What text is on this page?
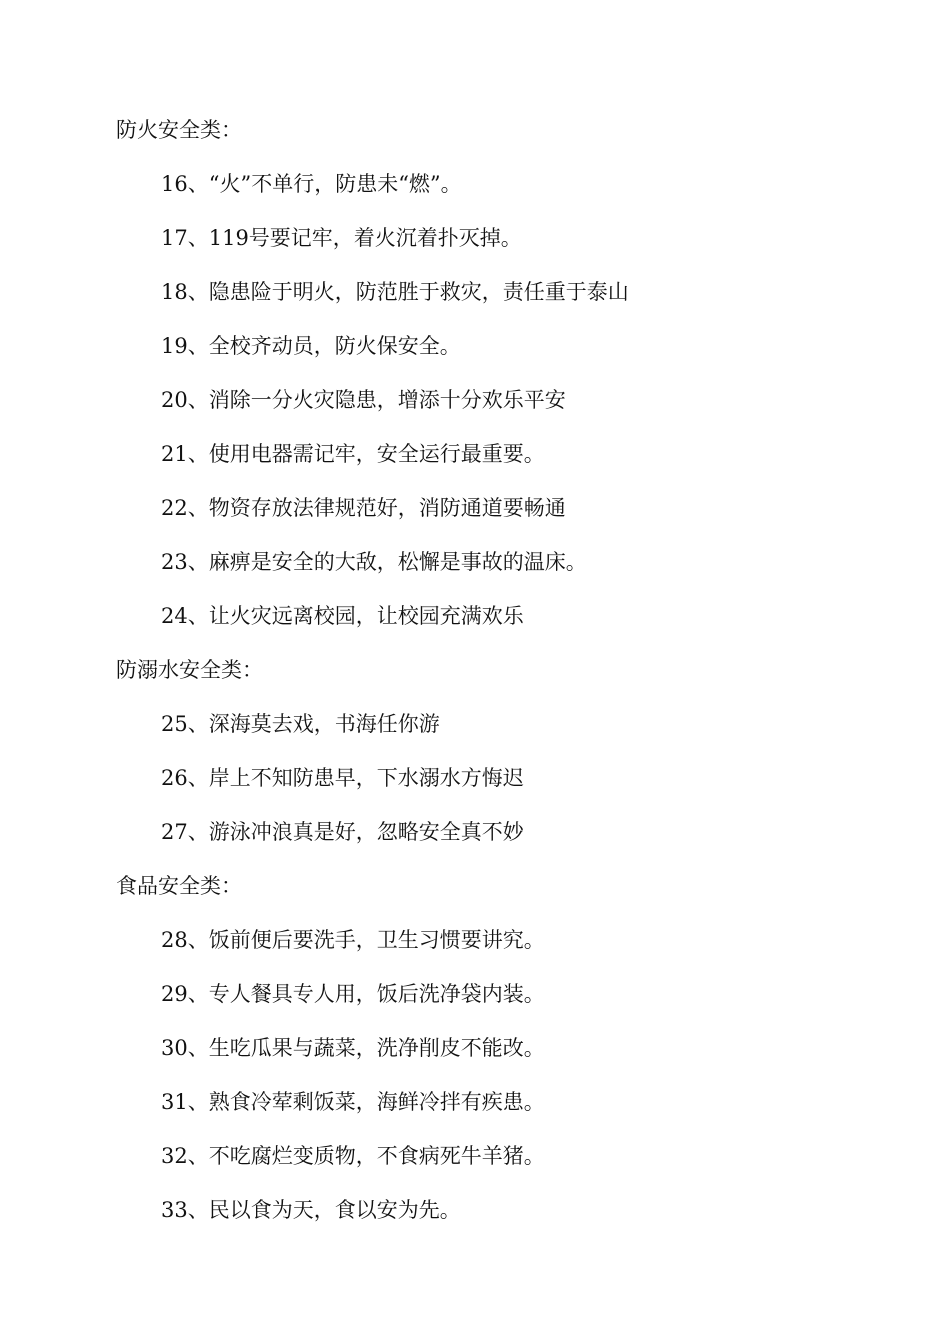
防火安全类：
16、“火”不单行，防患未“燃”。
17、119号要记牢，着火沉着扑灭掉。
18、隐患险于明火，防范胜于救灾，责任重于泰山
19、全校齐动员，防火保安全。
20、消除一分火灾隐患，增添十分欢乐平安
21、使用电器需记牢，安全运行最重要。
22、物资存放法律规范好，消防通道要畅通
23、麻痹是安全的大敌，松懈是事故的温床。
24、让火灾远离校园，让校园充满欢乐
防溺水安全类：
25、深海莫去戏，书海任你游
26、岸上不知防患早，下水溺水方悔迟
27、游泳冲浪真是好，忽略安全真不妙
食品安全类：
28、饭前便后要洗手，卫生习惯要讲究。
29、专人餐具专人用，饭后洗净袋内装。
30、生吃瓜果与蔬菜，洗净削皮不能改。
31、熟食冷荤剩饭菜，海鲜冷拌有疾患。
32、不吃腐烂变质物，不食病死牛羊猪。
33、民以食为天，食以安为先。
